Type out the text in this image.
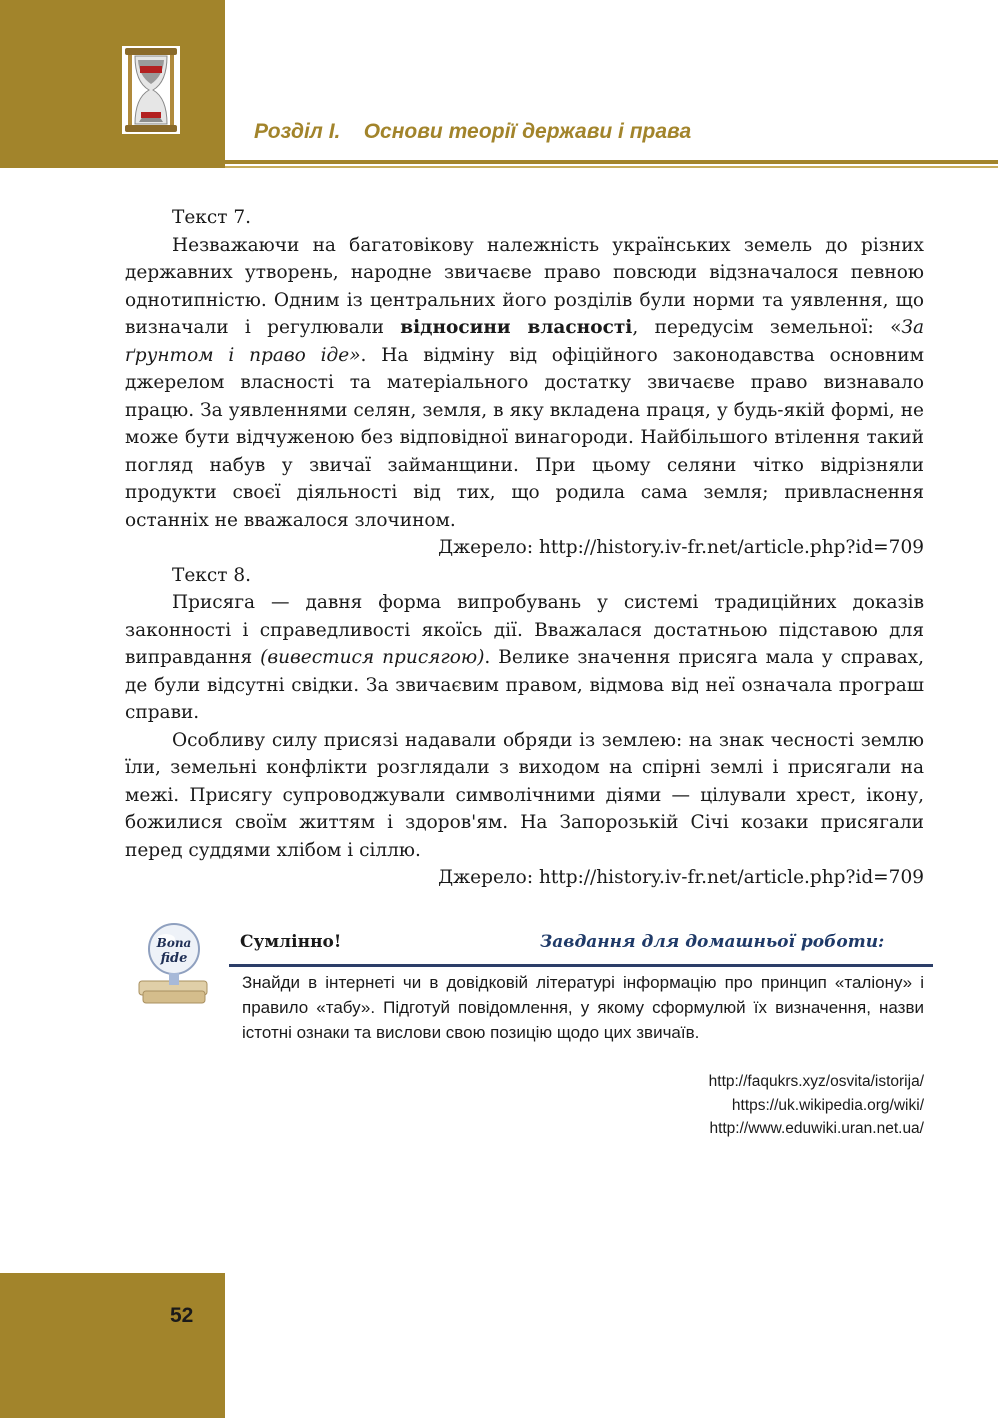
Розділ І.    Основи теорії держави і права

Текст 7.

Незважаючи на багатовікову належність українських земель до різних державних утворень, народне звичаєве право повсюди відзначалося певною однотипністю. Одним із центральних його розділів були норми та уявлення, що визначали і регулювали відносини власності, передусім земельної: «За ґрунтом і право іде». На відміну від офіційного законодавства основним джерелом власності та матеріального достатку звичаєве право визнавало працю. За уявленнями селян, земля, в яку вкладена праця, у будь-якій формі, не може бути відчуженою без відповідної винагороди. Найбільшого втілення такий погляд набув у звичаї займанщини. При цьому селяни чітко відрізняли продукти своєї діяльності від тих, що родила сама земля; привласнення останніх не вважалося злочином.

Джерело: http://history.iv-fr.net/article.php?id=709

Текст 8.

Присяга — давня форма випробувань у системі традиційних доказів законності і справедливості якоїсь дії. Вважалася достатньою підставою для виправдання (вивестися присягою). Велике значення присяга мала у справах, де були відсутні свідки. За звичаєвим правом, відмова від неї означала програш справи.

Особливу силу присязі надавали обряди із землею: на знак чесності землю їли, земельні конфлікти розглядали з виходом на спірні землі і присягали на межі. Присягу супроводжували символічними діями — цілували хрест, ікону, божилися своїм життям і здоров'ям. На Запорозькій Січі козаки присягали перед суддями хлібом і сіллю.

Джерело: http://history.iv-fr.net/article.php?id=709

Bona
fide
Сумлінно!	Завдання для домашньої роботи:

Знайди в інтернеті чи в довідковій літературі інформацію про принцип «таліону» і правило «табу». Підготуй повідомлення, у якому сформулюй їх визначення, назви істотні ознаки та вислови свою позицію щодо цих звичаїв.

http://faqukrs.xyz/osvita/istorija/
https://uk.wikipedia.org/wiki/
http://www.eduwiki.uran.net.ua/
52
